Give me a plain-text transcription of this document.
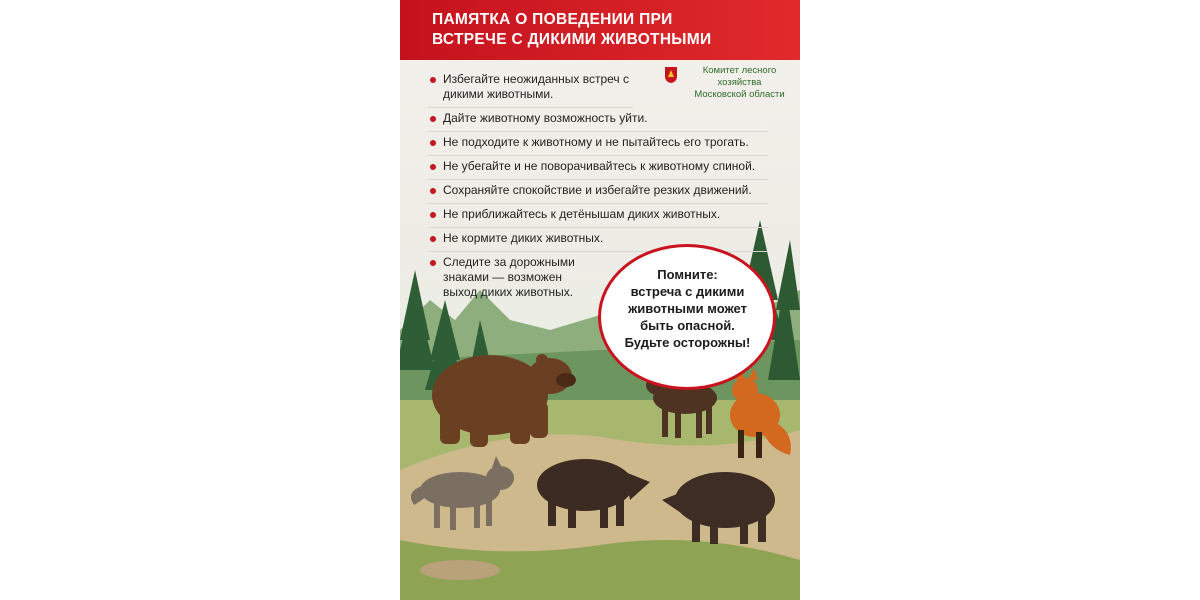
ПАМЯТКА О ПОВЕДЕНИИ ПРИ
ВСТРЕЧЕ С ДИКИМИ ЖИВОТНЫМИ
Комитет лесного хозяйства
Московской области
Избегайте неожиданных встреч с дикими животными.
Дайте животному возможность уйти.
Не подходите к животному и не пытайтесь его трогать.
Не убегайте и не поворачивайтесь к животному спиной.
Сохраняйте спокойствие и избегайте резких движений.
Не приближайтесь к детёнышам диких животных.
Не кормите диких животных.
Следите за дорожными знаками — возможен выход диких животных.
Помните:
встреча с дикими
животными может
быть опасной.
Будьте осторожны!
